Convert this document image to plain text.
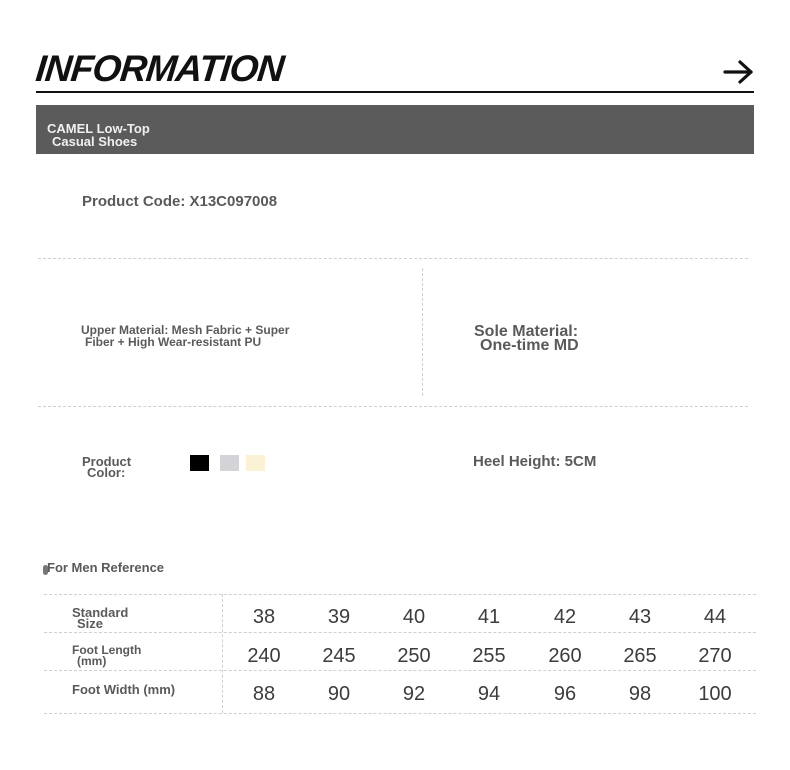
INFORMATION
CAMEL Low-Top
Casual Shoes
Product Code: X13C097008
Upper Material: Mesh Fabric + Super
Fiber + High Wear-resistant PU
Sole Material:
One-time MD
Product
Color:
Heel Height: 5CM
For Men Reference
Standard
Size	38	39	40	41	42	43	44
Foot Length
(mm)	240	245	250	255	260	265	270
Foot Width (mm)	88	90	92	94	96	98	100
